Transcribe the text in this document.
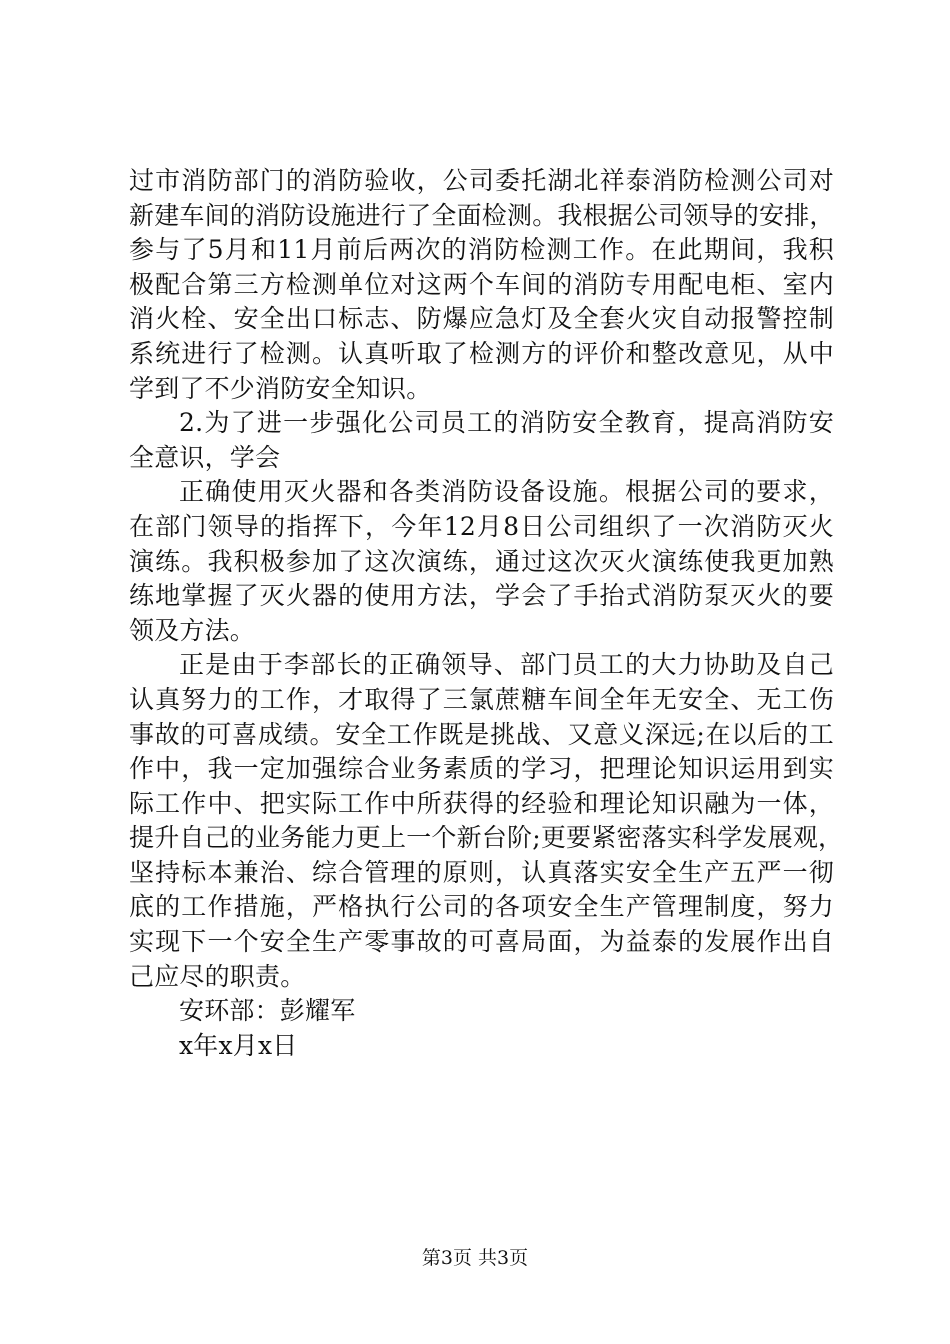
过市消防部门的消防验收，公司委托湖北祥泰消防检测公司对
新建车间的消防设施进行了全面检测。我根据公司领导的安排，
参与了5月和11月前后两次的消防检测工作。在此期间，我积
极配合第三方检测单位对这两个车间的消防专用配电柜、室内
消火栓、安全出口标志、防爆应急灯及全套火灾自动报警控制
系统进行了检测。认真听取了检测方的评价和整改意见，从中
学到了不少消防安全知识。
2.为了进一步强化公司员工的消防安全教育，提高消防安
全意识，学会
正确使用灭火器和各类消防设备设施。根据公司的要求，
在部门领导的指挥下，今年12月8日公司组织了一次消防灭火
演练。我积极参加了这次演练，通过这次灭火演练使我更加熟
练地掌握了灭火器的使用方法，学会了手抬式消防泵灭火的要
领及方法。
正是由于李部长的正确领导、部门员工的大力协助及自己
认真努力的工作，才取得了三氯蔗糖车间全年无安全、无工伤
事故的可喜成绩。安全工作既是挑战、又意义深远;在以后的工
作中，我一定加强综合业务素质的学习，把理论知识运用到实
际工作中、把实际工作中所获得的经验和理论知识融为一体，
提升自己的业务能力更上一个新台阶;更要紧密落实科学发展观，
坚持标本兼治、综合管理的原则，认真落实安全生产五严一彻
底的工作措施，严格执行公司的各项安全生产管理制度，努力
实现下一个安全生产零事故的可喜局面，为益泰的发展作出自
己应尽的职责。
安环部：彭耀军
x年x月x日
第3页 共3页
